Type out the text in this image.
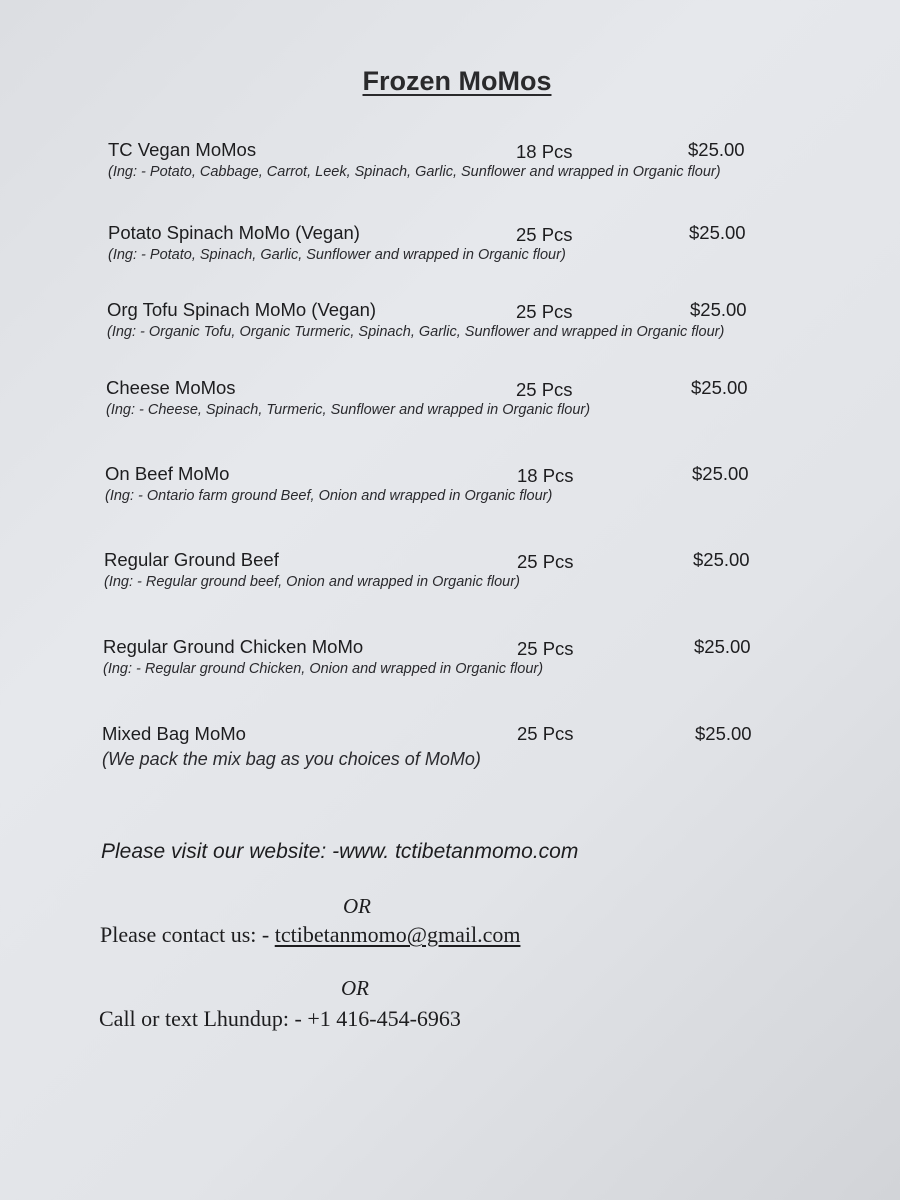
Frozen MoMos
TC Vegan MoMos	18 Pcs	$25.00
(Ing: - Potato, Cabbage, Carrot, Leek, Spinach, Garlic, Sunflower and wrapped in Organic flour)
Potato Spinach MoMo (Vegan)	25 Pcs	$25.00
(Ing: - Potato, Spinach, Garlic, Sunflower and wrapped in Organic flour)
Org Tofu Spinach MoMo (Vegan)	25 Pcs	$25.00
(Ing: - Organic Tofu, Organic Turmeric, Spinach, Garlic, Sunflower and wrapped in Organic flour)
Cheese MoMos	25 Pcs	$25.00
(Ing: - Cheese, Spinach, Turmeric, Sunflower and wrapped in Organic flour)
On Beef MoMo	18 Pcs	$25.00
(Ing: - Ontario farm ground Beef, Onion and wrapped in Organic flour)
Regular Ground Beef	25 Pcs	$25.00
(Ing: - Regular ground beef, Onion and wrapped in Organic flour)
Regular Ground Chicken MoMo	25 Pcs	$25.00
(Ing: - Regular ground Chicken, Onion and wrapped in Organic flour)
Mixed Bag MoMo	25 Pcs	$25.00
(We pack the mix bag as you choices of MoMo)
Please visit our website: -www. tctibetanmomo.com
OR
Please contact us: - tctibetanmomo@gmail.com
OR
Call or text Lhundup: - +1 416-454-6963
